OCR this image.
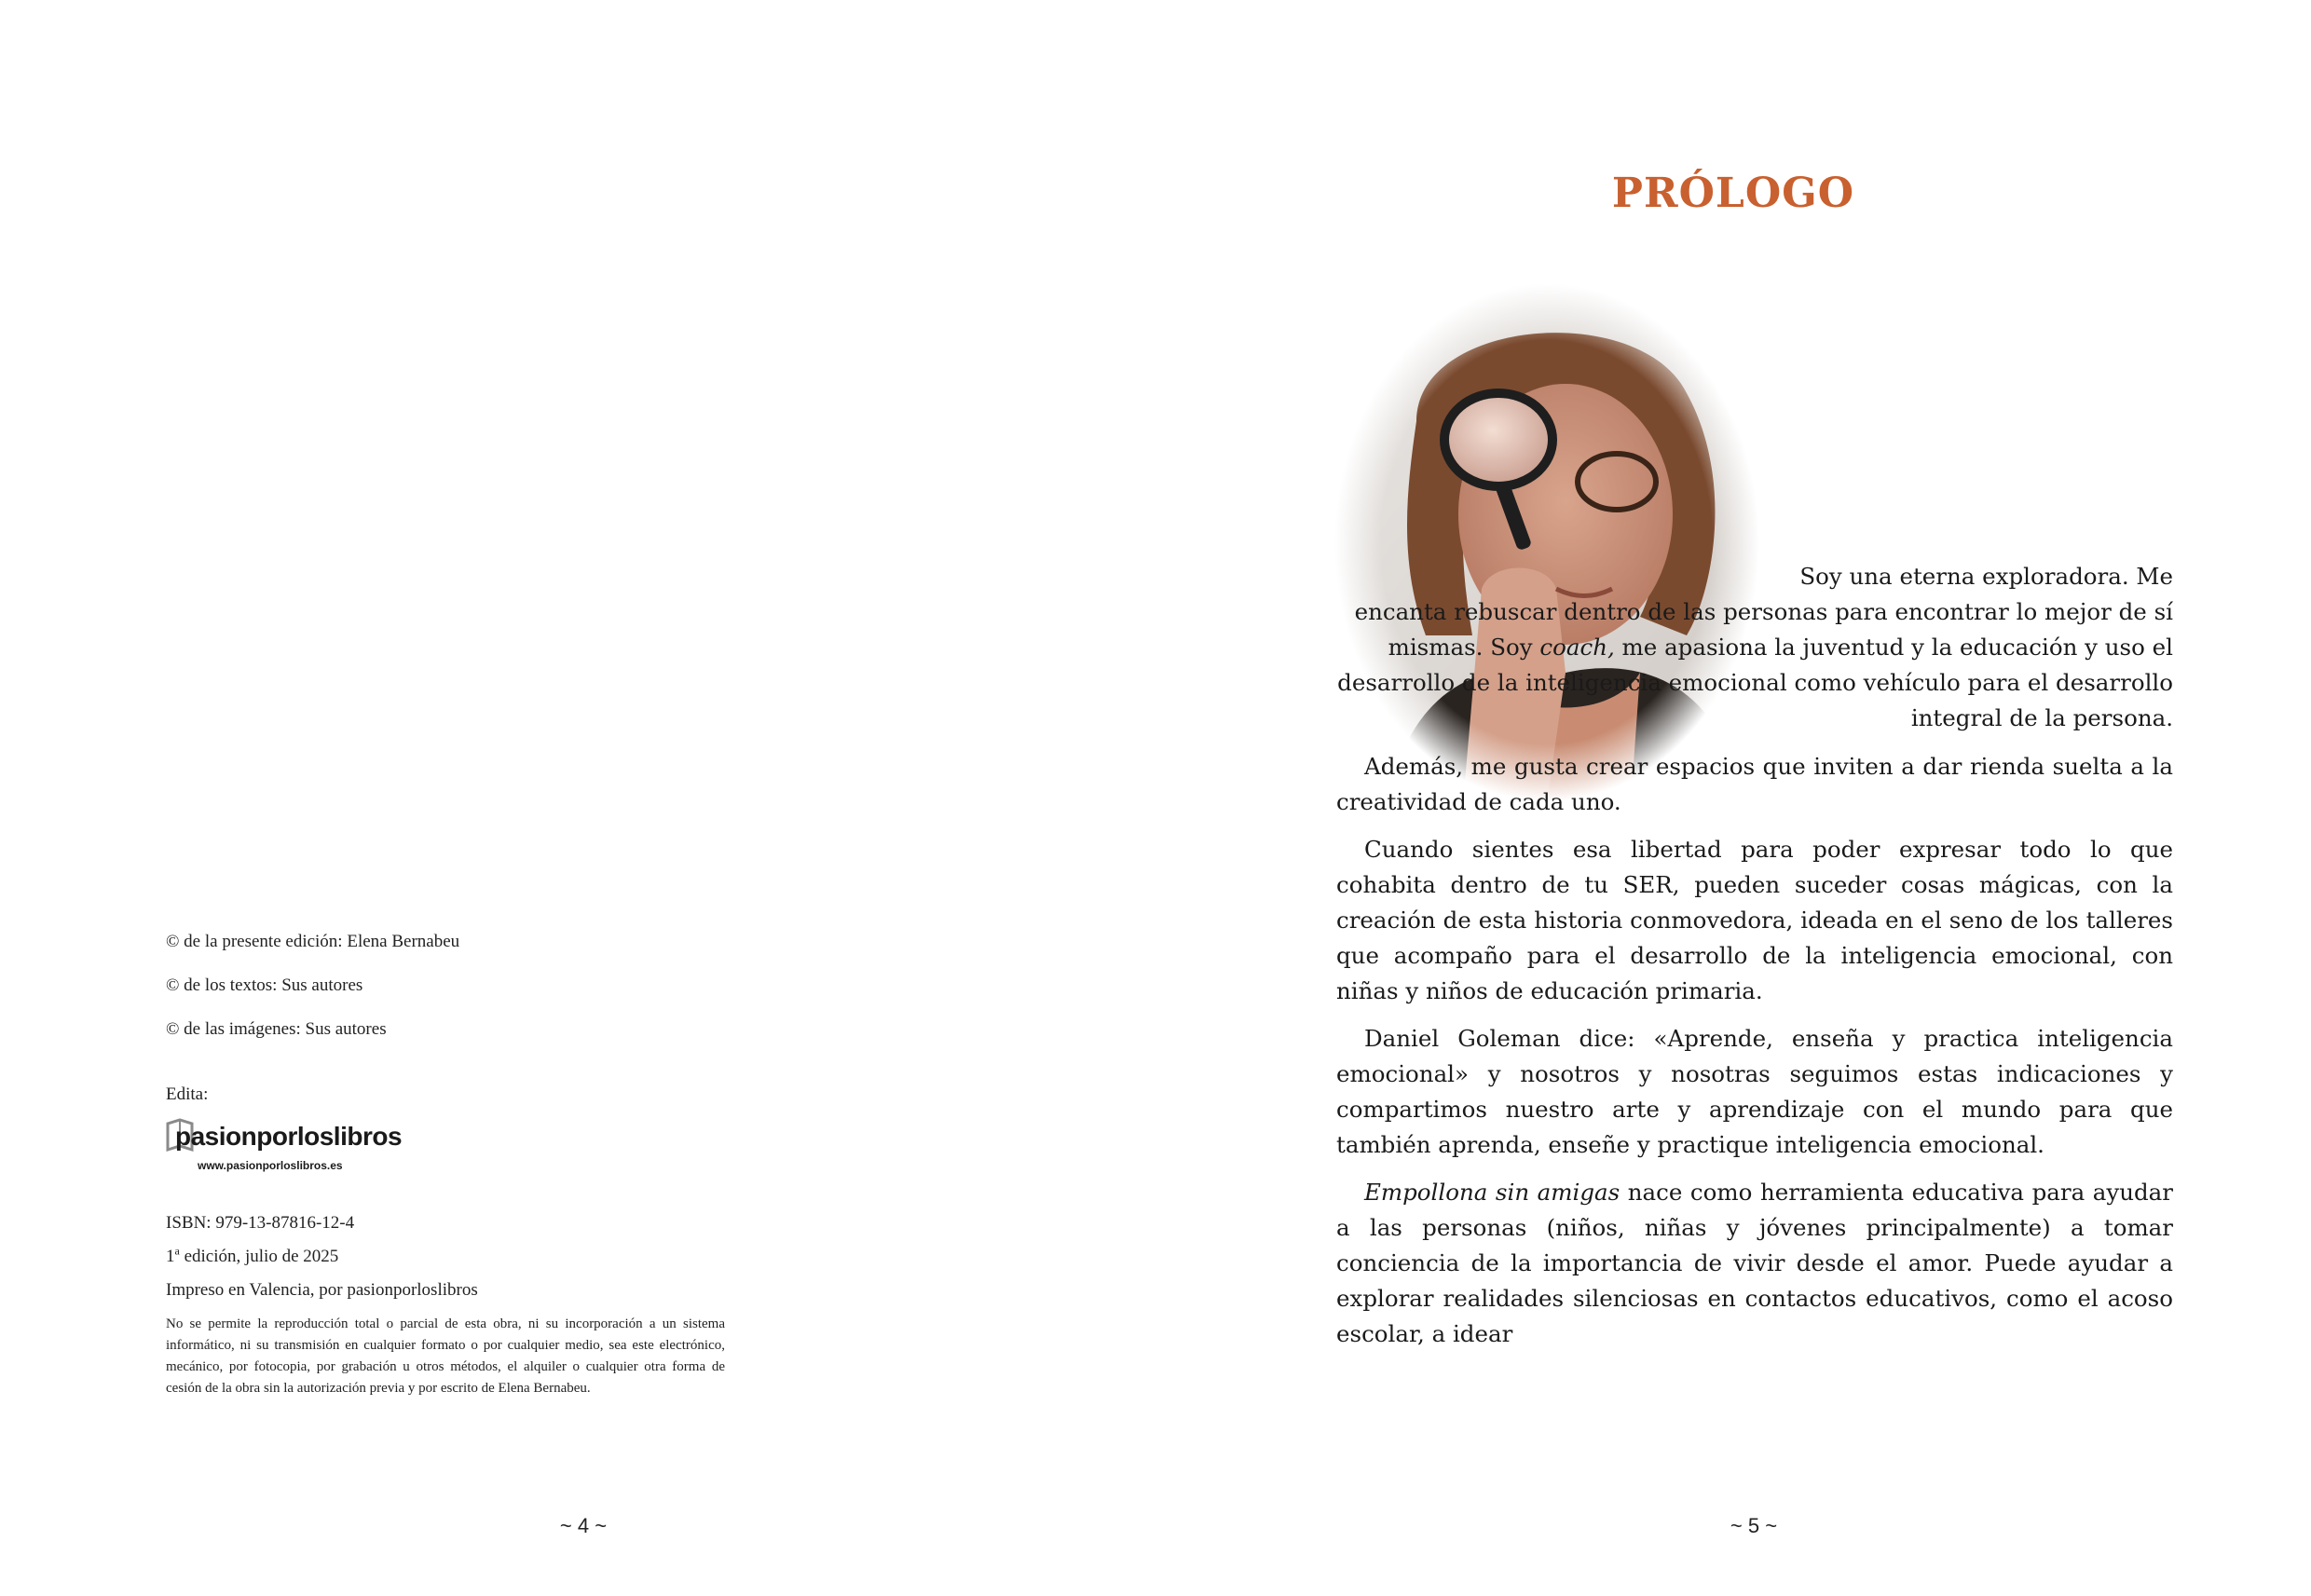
© de la presente edición: Elena Bernabeu
© de los textos: Sus autores
© de las imágenes: Sus autores
Edita:
pasionporloslibros
www.pasionporloslibros.es
ISBN: 979-13-87816-12-4
1$^a$ edición, julio de 2025
Impreso en Valencia, por pasionporloslibros
No se permite la reproducción total o parcial de esta obra, ni su incorporación a un sistema informático, ni su transmisión en cualquier formato o por cualquier medio, sea este electrónico, mecánico, por fotocopia, por grabación u otros métodos, el alquiler o cualquier otra forma de cesión de la obra sin la autorización previa y por escrito de Elena Bernabeu.
~ 4 ~
PRÓLOGO

Soy una eterna exploradora. Me encanta rebuscar dentro de las personas para encontrar lo mejor de sí mismas. Soy coach, me apasiona la juventud y la educación y uso el desarrollo de la inteligencia emocional como vehículo para el desarrollo integral de la persona.

Además, me gusta crear espacios que inviten a dar rienda suelta a la creatividad de cada uno.

Cuando sientes esa libertad para poder expresar todo lo que cohabita dentro de tu SER, pueden suceder cosas mágicas, con la creación de esta historia conmovedora, ideada en el seno de los talleres que acompaño para el desarrollo de la inteligencia emocional, con niñas y niños de educación primaria.

Daniel Goleman dice: «Aprende, enseña y practica inteligencia emocional» y nosotros y nosotras seguimos estas indicaciones y compartimos nuestro arte y aprendizaje con el mundo para que también aprenda, enseñe y practique inteligencia emocional.

Empollona sin amigas nace como herramienta educativa para ayudar a las personas (niños, niñas y jóvenes principalmente) a tomar conciencia de la importancia de vivir desde el amor. Puede ayudar a explorar realidades silenciosas en contactos educativos, como el acoso escolar, a idear

~ 5 ~
